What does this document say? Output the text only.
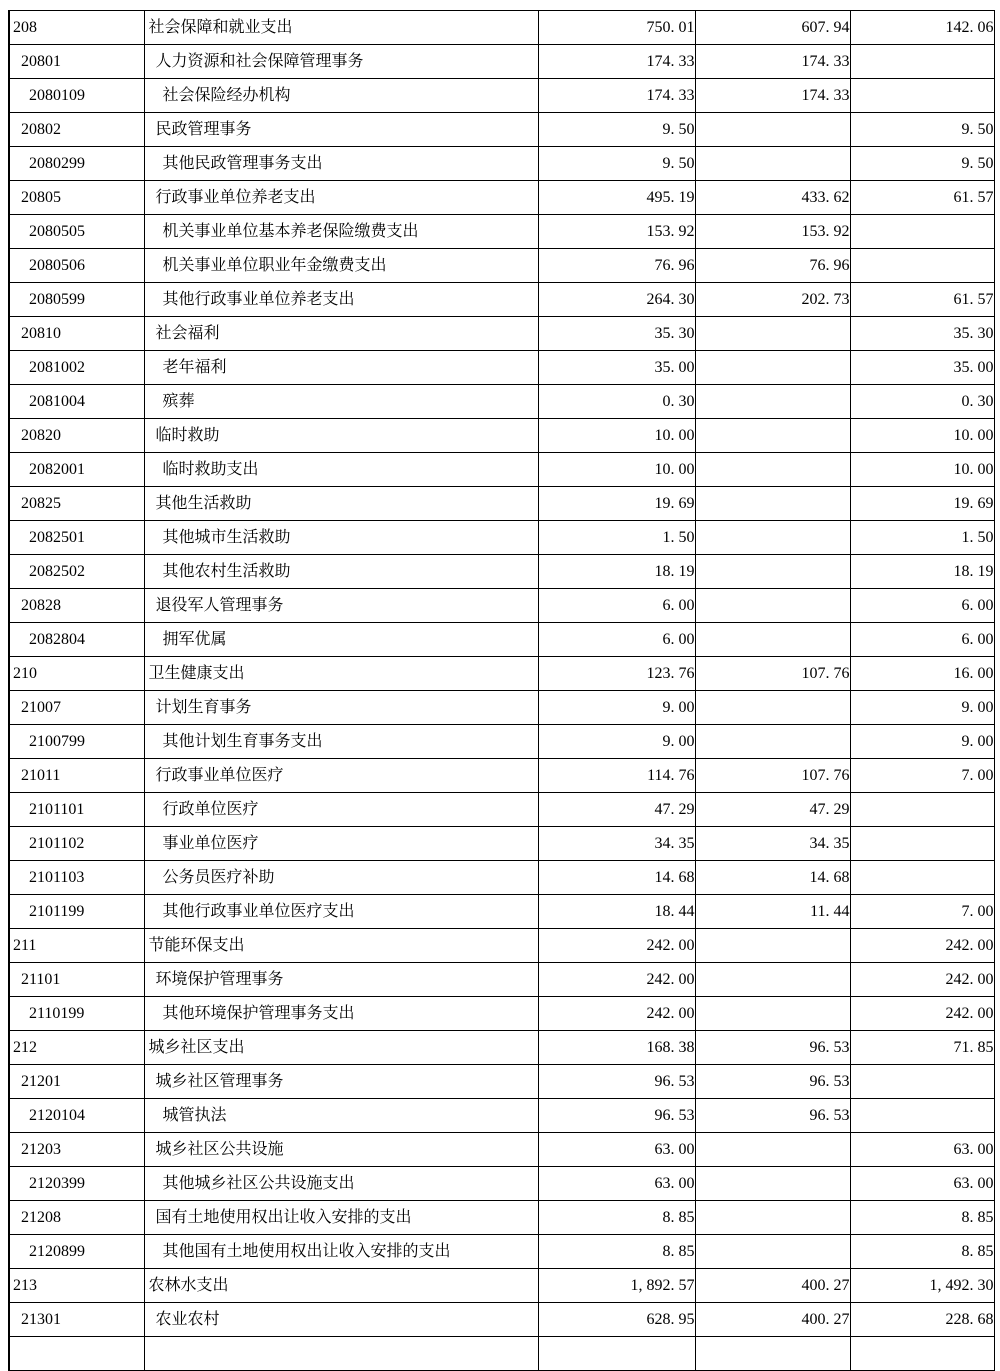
208	社会保障和就业支出	750. 01	607. 94	142. 06
20801	人力资源和社会保障管理事务	174. 33	174. 33	
2080109	社会保险经办机构	174. 33	174. 33	
20802	民政管理事务	9. 50		9. 50
2080299	其他民政管理事务支出	9. 50		9. 50
20805	行政事业单位养老支出	495. 19	433. 62	61. 57
2080505	机关事业单位基本养老保险缴费支出	153. 92	153. 92	
2080506	机关事业单位职业年金缴费支出	76. 96	76. 96	
2080599	其他行政事业单位养老支出	264. 30	202. 73	61. 57
20810	社会福利	35. 30		35. 30
2081002	老年福利	35. 00		35. 00
2081004	殡葬	0. 30		0. 30
20820	临时救助	10. 00		10. 00
2082001	临时救助支出	10. 00		10. 00
20825	其他生活救助	19. 69		19. 69
2082501	其他城市生活救助	1. 50		1. 50
2082502	其他农村生活救助	18. 19		18. 19
20828	退役军人管理事务	6. 00		6. 00
2082804	拥军优属	6. 00		6. 00
210	卫生健康支出	123. 76	107. 76	16. 00
21007	计划生育事务	9. 00		9. 00
2100799	其他计划生育事务支出	9. 00		9. 00
21011	行政事业单位医疗	114. 76	107. 76	7. 00
2101101	行政单位医疗	47. 29	47. 29	
2101102	事业单位医疗	34. 35	34. 35	
2101103	公务员医疗补助	14. 68	14. 68	
2101199	其他行政事业单位医疗支出	18. 44	11. 44	7. 00
211	节能环保支出	242. 00		242. 00
21101	环境保护管理事务	242. 00		242. 00
2110199	其他环境保护管理事务支出	242. 00		242. 00
212	城乡社区支出	168. 38	96. 53	71. 85
21201	城乡社区管理事务	96. 53	96. 53	
2120104	城管执法	96. 53	96. 53	
21203	城乡社区公共设施	63. 00		63. 00
2120399	其他城乡社区公共设施支出	63. 00		63. 00
21208	国有土地使用权出让收入安排的支出	8. 85		8. 85
2120899	其他国有土地使用权出让收入安排的支出	8. 85		8. 85
213	农林水支出	1, 892. 57	400. 27	1, 492. 30
21301	农业农村	628. 95	400. 27	228. 68
